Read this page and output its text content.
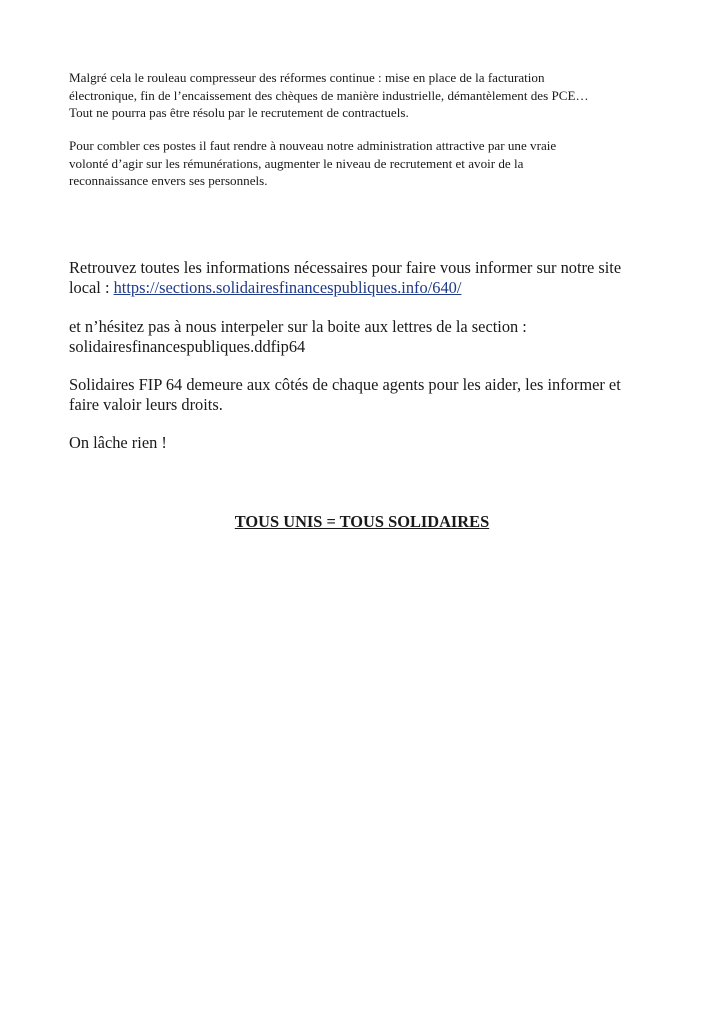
Malgré cela le rouleau compresseur des réformes continue : mise en place de la facturation

électronique, fin de l’encaissement des chèques de manière industrielle, démantèlement des PCE…

Tout ne pourra pas être résolu par le recrutement de contractuels.

Pour combler ces postes il faut rendre à nouveau notre administration attractive par une vraie

volonté d’agir sur les rémunérations, augmenter le niveau de recrutement et avoir de la

reconnaissance envers ses personnels.

Retrouvez toutes les informations nécessaires pour faire vous informer sur notre site

local : https://sections.solidairesfinancespubliques.info/640/

et n’hésitez pas à nous interpeler sur la boite aux lettres de la section :

solidairesfinancespubliques.ddfip64

Solidaires FIP 64 demeure aux côtés de chaque agents pour les aider, les informer et

faire valoir leurs droits.

On lâche rien !

TOUS UNIS = TOUS SOLIDAIRES
